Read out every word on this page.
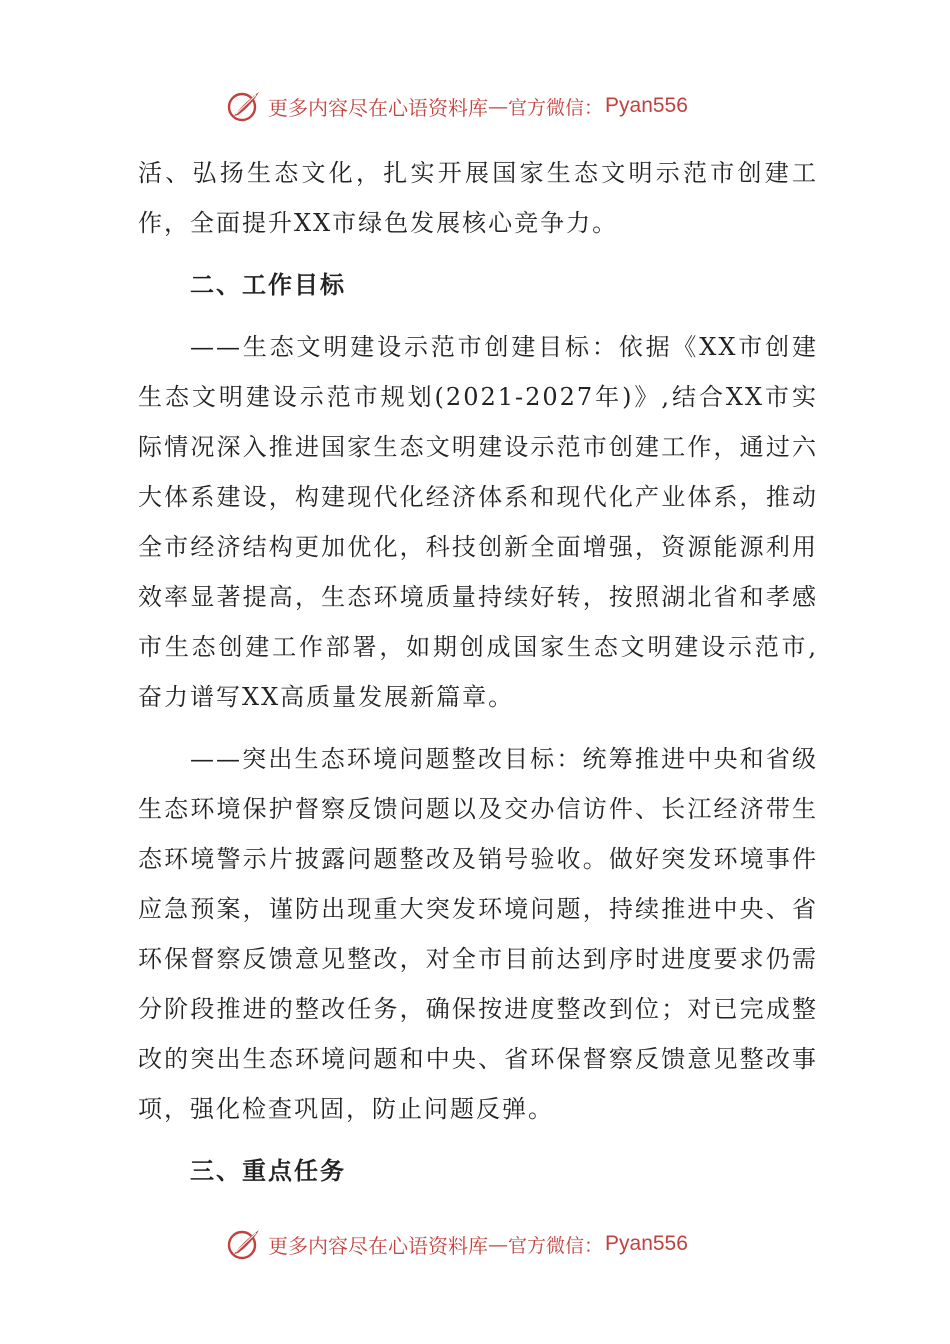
更多内容尽在心语资料库 — 官方微信： Pyan556

活、弘扬生态文化，扎实开展国家生态文明示范市创建工作，全面提升XX市绿色发展核心竞争力。

二、工作目标

——生态文明建设示范市创建目标：依据《XX市创建生态文明建设示范市规划(2021-2027年)》,结合XX市实际情况深入推进国家生态文明建设示范市创建工作，通过六大体系建设，构建现代化经济体系和现代化产业体系，推动全市经济结构更加优化，科技创新全面增强，资源能源利用效率显著提高，生态环境质量持续好转，按照湖北省和孝感市生态创建工作部署，如期创成国家生态文明建设示范市,奋力谱写XX高质量发展新篇章。

——突出生态环境问题整改目标：统筹推进中央和省级生态环境保护督察反馈问题以及交办信访件、长江经济带生态环境警示片披露问题整改及销号验收。做好突发环境事件应急预案，谨防出现重大突发环境问题，持续推进中央、省环保督察反馈意见整改，对全市目前达到序时进度要求仍需分阶段推进的整改任务，确保按进度整改到位；对已完成整改的突出生态环境问题和中央、省环保督察反馈意见整改事项，强化检查巩固，防止问题反弹。

三、重点任务
更多内容尽在心语资料库 — 官方微信： Pyan556
